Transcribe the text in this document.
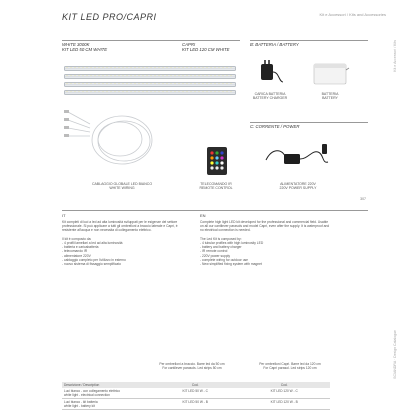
KIT LED PRO/CAPRI	Kit e Accessori / Kits and Accessories
Kit e Accessori / Kits
SCIANDRA · Design Catalogue
WHITE 3000K
KIT LED 50 CM WHITE
CAPRI
KIT LED 120 CM WHITE
B: BATTERIA / BATTERY
C: CORRENTE / POWER
CABLAGGIO GLOBALE LED BIANCO
WHITE WIRING
TELECOMANDO IR
REMOTE CONTROL
CARICA BATTERIA
BATTERY CHARGER
BATTERIA
BATTERY
ALIMENTATORE 220V
220V POWER SUPPLY
307
IT
Kit completi di luci a led ad alta luminosità sviluppati per le esigenze del settore professionale. Si può applicare a tutti gli ombrelloni a braccio laterale e Capri, è resistente all'acqua e non necessita di collegamento elettrico.

Il kit è composto da:
- 4 profili lamellari a led ad alta luminosità
- batteria e caricabatteria
- telecomando IR
- alimentatore 220V
- cablaggio completo per l'utilizzo in esterno
- nuovo sistema di fissaggio semplificato
EN
Complete high light LED kit developed for the professional and commercial field. Usable on all our cantilever parasols and model Capri, even after the supply. It is waterproof and no electrical connection is needed.

The Led Kit is composed by:
- 4 tubular profiles with high luminosity LED
- battery and battery charger
- IR remote control
- 220V power supply
- complete wiring for outdoor use
- New simplified fixing system with magnet
Per ombrelloni a braccio. Barre led da 50 cm
For cantilever parasols. Led strips 50 cm
Per ombrelloni Capri. Barre led da 120 cm
For Capri parasol. Led strips 120 cm
Descrizione / Description	Cod.	Cod.
Luci bianco - con collegamento elettrico
white light - electrical connection	KIT LED 50 W - C	KIT LED 120 W - C
Luci bianco - kit batteria
white light - battery kit	KIT LED 50 W - B	KIT LED 120 W - B
